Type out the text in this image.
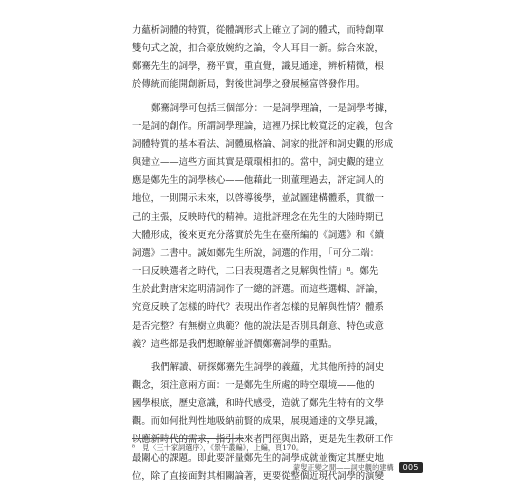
力蘊析詞體的特質，從體調形式上確立了詞的體式，而特創單
雙句式之說，扣合豪放婉約之論，令人耳目一新。綜合來說，
鄭騫先生的詞學，務平實，重直覺，識見通達，辨析精微，根
於傳統而能開創新局，對後世詞學之發展極富啓發作用。
鄭騫詞學可包括三個部分：一是詞學理論，一是詞學考據，
一是詞的創作。所謂詞學理論，這裡乃採比較寬泛的定義，包含
詞體特質的基本看法、詞體風格論、詞家的批評和詞史觀的形成
與建立——這些方面其實是環環相扣的。當中，詞史觀的建立
應是鄭先生的詞學核心——他藉此一則董理過去，評定詞人的
地位，一則開示未來，以啓導後學，並試圖建構體系，貫徹一
己的主張，反映時代的精神。這批評理念在先生的大陸時期已
大體形成，後來更充分落實於先生在臺所編的《詞選》和《續
詞選》二書中。誠如鄭先生所說，詞選的作用，「可分二端：
一曰反映選者之時代，二曰表現選者之見解與性情」⁸。鄭先
生於此對唐宋迄明清詞作了一總的評選。而這些選輯、評論，
究竟反映了怎樣的時代？表現出作者怎樣的見解與性情？體系
是否完整？有無樹立典範？他的說法是否別具創意、特色或意
義？這些都是我們想瞭解並評價鄭騫詞學的重點。
我們解讀、研探鄭騫先生詞學的義蘊，尤其他所持的詞史
觀念，須注意兩方面：一是鄭先生所處的時空環境——他的
國學根底，歷史意識，和時代感受，造就了鄭先生特有的文學
觀。而如何批判性地吸納前賢的成果，展現通達的文學見識，
以應新時代的需求，指引未來者門徑與出路，更是先生教研工作
最關心的課題。即此要評量鄭先生的詞學成就並衡定其歷史地
位，除了直接面對其相關論著，更要從整個近現代詞學的演變
⁸　見〈三十家詞選序〉，《景午叢編》，上編，頁170。
蒙叟正變之間——詞史觀的建構	005
